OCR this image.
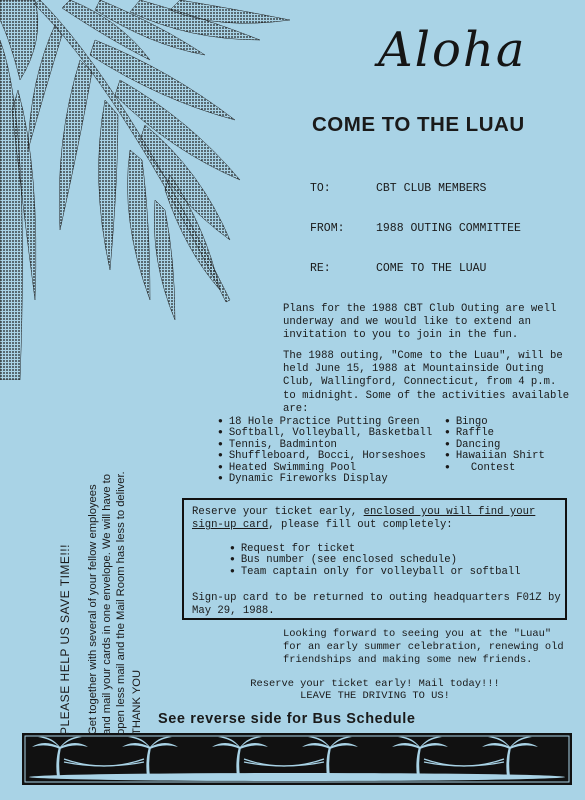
Aloha
COME TO THE LUAU
TO:	CBT CLUB MEMBERS
FROM:	1988 OUTING COMMITTEE
RE:	COME TO THE LUAU
Plans for the 1988 CBT Club Outing are well underway and we would like to extend an invitation to you to join in the fun.
The 1988 outing, "Come to the Luau", will be held June 15, 1988 at Mountainside Outing Club, Wallingford, Connecticut, from 4 p.m. to midnight. Some of the activities available are:
● 18 Hole Practice Putting Green
● Softball, Volleyball, Basketball
● Tennis, Badminton
● Shuffleboard, Bocci, Horseshoes
● Heated Swimming Pool
● Dynamic Fireworks Display
● Bingo
● Raffle
● Dancing
● Hawaiian Shirt
● Contest
Reserve your ticket early, enclosed you will find your sign-up card, please fill out completely:
● Request for ticket
● Bus number (see enclosed schedule)
● Team captain only for volleyball or softball
Sign-up card to be returned to outing headquarters F01Z by May 29, 1988.
Looking forward to seeing you at the "Luau" for an early summer celebration, renewing old friendships and making some new friends.
Reserve your ticket early! Mail today!!!
LEAVE THE DRIVING TO US!
See reverse side for Bus Schedule
PLEASE HELP US SAVE TIME!!! Get together with several of your fellow employees and mail your cards in one envelope. We will have to open less mail and the Mail Room has less to deliver. THANK YOU
